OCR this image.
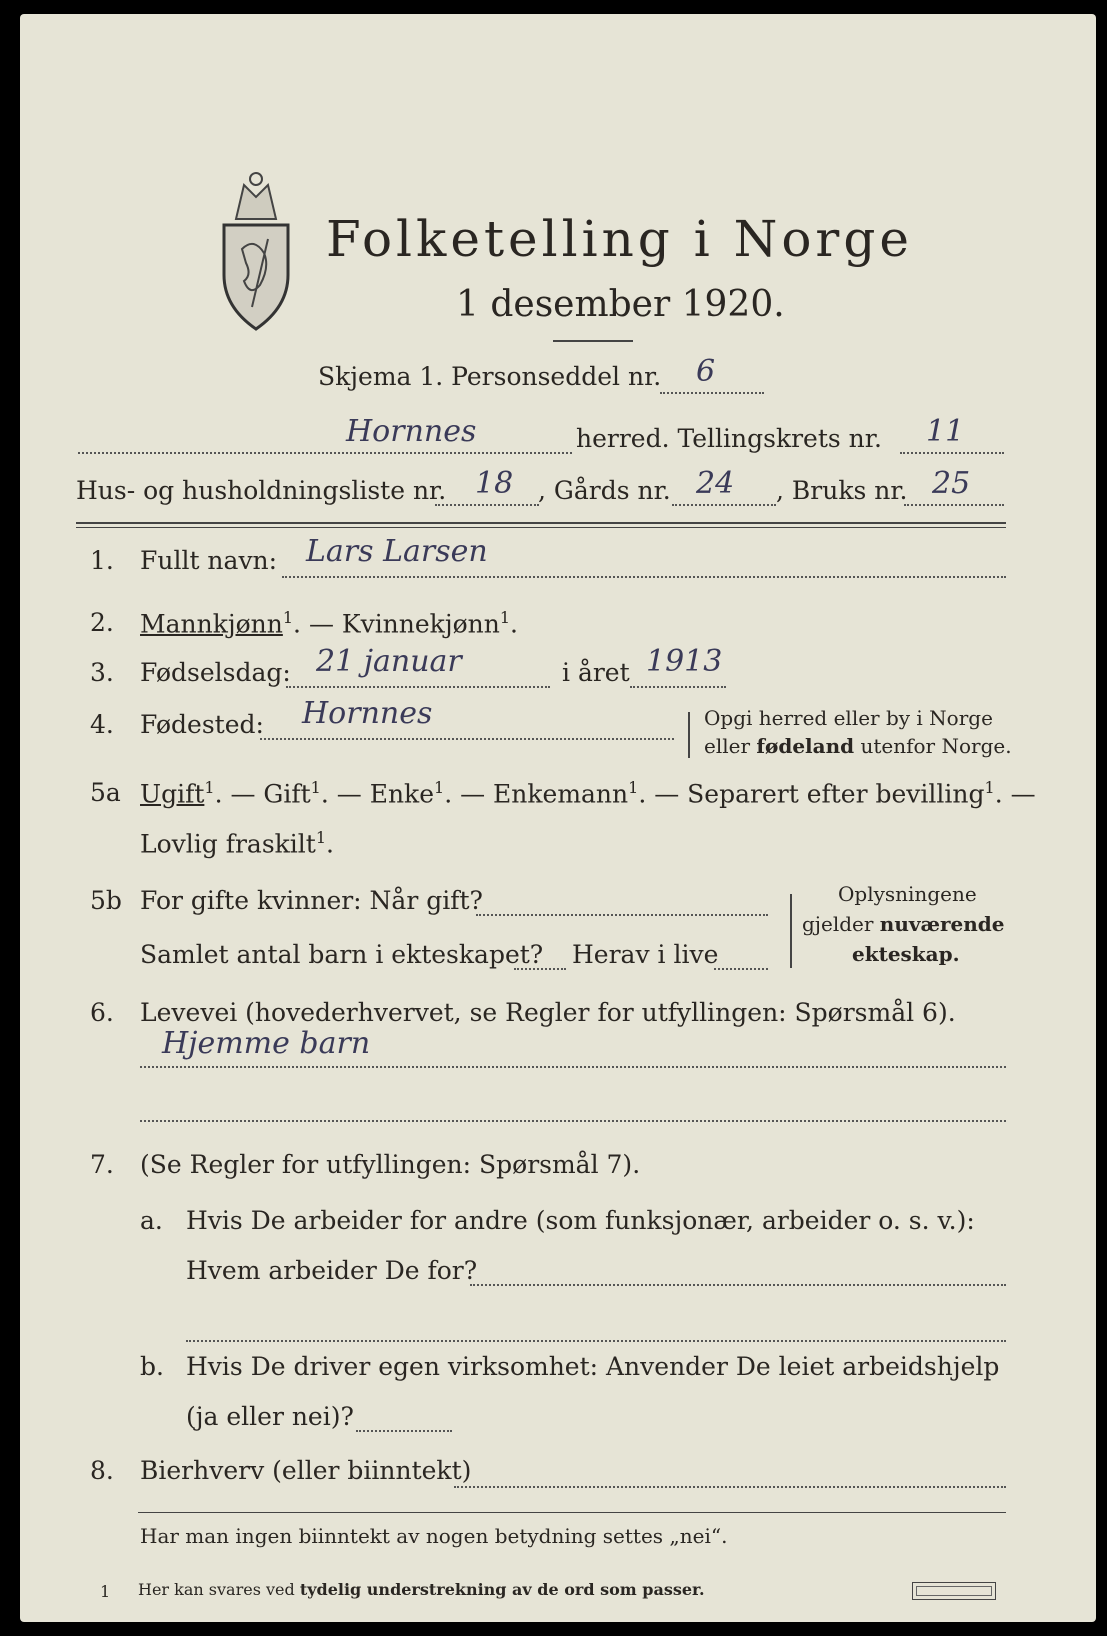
Folketelling i Norge
1 desember 1920.
Skjema 1. Personseddel nr. 6
Hornnes	herred. Tellingskrets nr. 11
Hus- og husholdningsliste nr. 18 , Gårds nr. 24 , Bruks nr. 25
1. Fullt navn: Lars Larsen
2. Mannkjønn$^1$. — Kvinnekjønn$^1$.
3. Fødselsdag: 21 januar	i året 1913
4. Fødested: Hornnes	Opgi herred eller by i Norge
eller fødeland utenfor Norge.
5a Ugift$^1$. — Gift$^1$. — Enke$^1$. — Enkemann$^1$. — Separert efter bevilling$^1$. —
Lovlig fraskilt$^1$.
5b For gifte kvinner: Når gift?
Samlet antal barn i ekteskapet? Herav i live
Oplysningene
gjelder nuværende
ekteskap.
6. Levevei (hovederhvervet, se Regler for utfyllingen: Spørsmål 6).
Hjemme barn
7. (Se Regler for utfyllingen: Spørsmål 7).
a. Hvis De arbeider for andre (som funksjonær, arbeider o. s. v.):
Hvem arbeider De for?
b. Hvis De driver egen virksomhet: Anvender De leiet arbeidshjelp
(ja eller nei)?
8. Bierhverv (eller biinntekt)
Har man ingen biinntekt av nogen betydning settes „nei“.
1 Her kan svares ved tydelig understrekning av de ord som passer.
